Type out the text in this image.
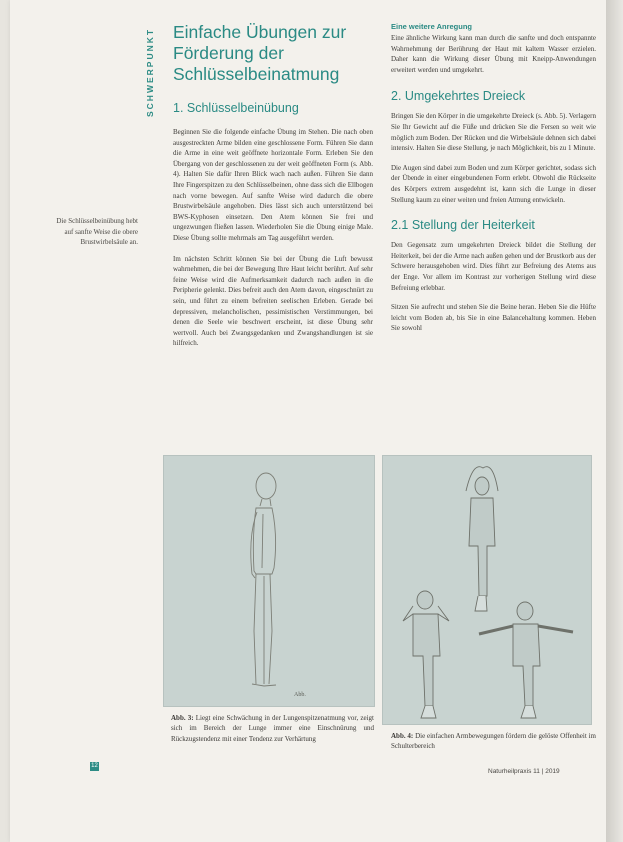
SCHWERPUNKT	Einfache Übungen zur Förderung der Schlüsselbeinatmung
1. Schlüsselbeinübung

Beginnen Sie die folgende einfache Übung im Stehen. Die nach oben ausgestreckten Arme bilden eine geschlossene Form. Führen Sie dann die Arme in eine weit geöffnete horizontale Form. Erleben Sie den Übergang von der geschlossenen zu der weit geöffneten Form (s. Abb. 4). Halten Sie dafür Ihren Blick wach nach außen. Führen Sie dann Ihre Fingerspitzen zu den Schlüsselbeinen, ohne dass sich die Ellbogen nach vorne bewegen. Auf sanfte Weise wird dadurch die obere Brustwirbelsäule angehoben. Dies lässt sich auch unterstützend bei BWS-Kyphosen einsetzen. Den Atem können Sie frei und ungezwungen fließen lassen. Wiederholen Sie die Übung einige Male. Diese Übung sollte mehrmals am Tag ausgeführt werden.

Im nächsten Schritt können Sie bei der Übung die Luft bewusst wahrnehmen, die bei der Bewegung Ihre Haut leicht berührt. Auf sehr feine Weise wird die Aufmerksamkeit dadurch nach außen in die Peripherie gelenkt. Dies befreit auch den Atem davon, eingeschnürt zu sein, und führt zu einem befreiten seelischen Erleben. Gerade bei depressiven, melancholischen, pessimistischen Verstimmungen, bei denen die Seele wie beschwert erscheint, ist diese Übung sehr wertvoll. Auch bei Zwangsgedanken und Zwangshandlungen ist sie hilfreich.

Die Schlüsselbeinübung hebt auf sanfte Weise die obere Brustwirbelsäule an.
Eine weitere Anregung

Eine ähnliche Wirkung kann man durch die sanfte und doch entspannte Wahrnehmung der Berührung der Haut mit kaltem Wasser erzielen. Daher kann die Wirkung dieser Übung mit Kneipp-Anwendungen erweitert werden und umgekehrt.

2. Umgekehrtes Dreieck

Bringen Sie den Körper in die umgekehrte Dreieck (s. Abb. 5). Verlagern Sie Ihr Gewicht auf die Füße und drücken Sie die Fersen so weit wie möglich zum Boden. Der Rücken und die Wirbelsäule dehnen sich dabei intensiv. Halten Sie diese Stellung, je nach Möglichkeit, bis zu 1 Minute.

Die Augen sind dabei zum Boden und zum Körper gerichtet, sodass sich der Übende in einer eingebundenen Form erlebt. Obwohl die Rückseite des Körpers extrem ausgedehnt ist, kann sich die Lunge in dieser Stellung kaum zu einer weiten und freien Atmung entwickeln.

2.1 Stellung der Heiterkeit

Den Gegensatz zum umgekehrten Dreieck bildet die Stellung der Heiterkeit, bei der die Arme nach außen gehen und der Brustkorb aus der Schwere herausgehoben wird. Dies führt zur Befreiung des Atems aus der Enge. Vor allem im Kontrast zur vorherigen Stellung wird diese Befreiung erlebbar.

Sitzen Sie aufrecht und stehen Sie die Beine heran. Heben Sie die Hüfte leicht vom Boden ab, bis Sie in eine Balancehaltung kommen. Heben Sie sowohl

Abb.
Abb. 3: Liegt eine Schwächung in der Lungenspitzenatmung vor, zeigt sich im Bereich der Lunge immer eine Einschnürung und Rückzugstendenz mit einer Tendenz zur Verhärtung	Abb. 4: Die einfachen Armbewegungen fördern die gelöste Offenheit im Schulterbereich
12
Naturheilpraxis 11 | 2019
